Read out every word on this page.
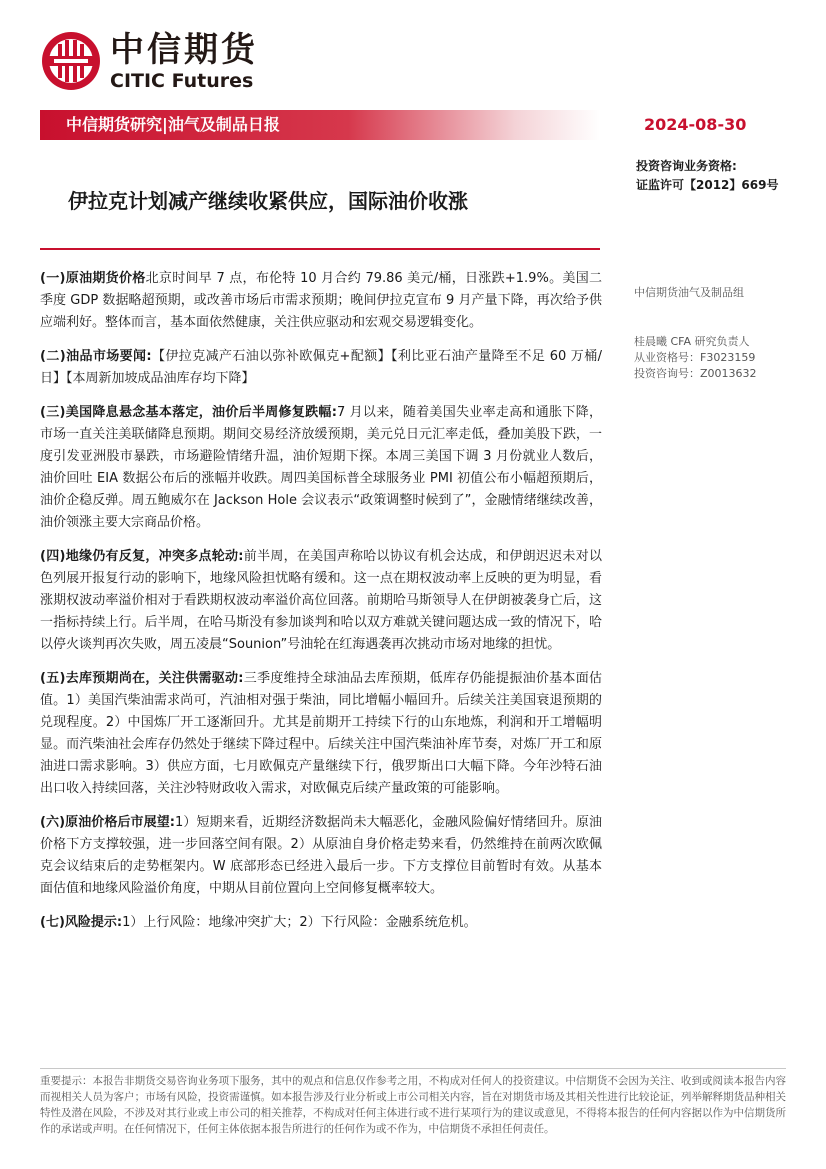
中信期货
CITIC Futures
中信期货研究|油气及制品日报	2024-08-30
投资咨询业务资格:
证监许可【2012】669号
伊拉克计划减产继续收紧供应，国际油价收涨
中信期货油气及制品组
桂晨曦 CFA 研究负责人
从业资格号：F3023159
投资咨询号：Z0013632

(一)原油期货价格北京时间早 7 点，布伦特 10 月合约 79.86 美元/桶，日涨跌+1.9%。美国二季度 GDP 数据略超预期，或改善市场后市需求预期；晚间伊拉克宣布 9 月产量下降，再次给予供应端利好。整体而言，基本面依然健康，关注供应驱动和宏观交易逻辑变化。

(二)油品市场要闻:【伊拉克减产石油以弥补欧佩克+配额】【利比亚石油产量降至不足 60 万桶/日】【本周新加坡成品油库存均下降】

(三)美国降息悬念基本落定，油价后半周修复跌幅:7 月以来，随着美国失业率走高和通胀下降，市场一直关注美联储降息预期。期间交易经济放缓预期，美元兑日元汇率走低，叠加美股下跌，一度引发亚洲股市暴跌，市场避险情绪升温，油价短期下探。本周三美国下调 3 月份就业人数后，油价回吐 EIA 数据公布后的涨幅并收跌。周四美国标普全球服务业 PMI 初值公布小幅超预期后，油价企稳反弹。周五鲍威尔在 Jackson Hole 会议表示“政策调整时候到了”，金融情绪继续改善，油价领涨主要大宗商品价格。

(四)地缘仍有反复，冲突多点轮动:前半周，在美国声称哈以协议有机会达成，和伊朗迟迟未对以色列展开报复行动的影响下，地缘风险担忧略有缓和。这一点在期权波动率上反映的更为明显，看涨期权波动率溢价相对于看跌期权波动率溢价高位回落。前期哈马斯领导人在伊朗被袭身亡后，这一指标持续上行。后半周，在哈马斯没有参加谈判和哈以双方难就关键问题达成一致的情况下，哈以停火谈判再次失败，周五凌晨“Sounion”号油轮在红海遇袭再次挑动市场对地缘的担忧。

(五)去库预期尚在，关注供需驱动:三季度维持全球油品去库预期，低库存仍能提振油价基本面估值。1）美国汽柴油需求尚可，汽油相对强于柴油，同比增幅小幅回升。后续关注美国衰退预期的兑现程度。2）中国炼厂开工逐渐回升。尤其是前期开工持续下行的山东地炼，利润和开工增幅明显。而汽柴油社会库存仍然处于继续下降过程中。后续关注中国汽柴油补库节奏，对炼厂开工和原油进口需求影响。3）供应方面，七月欧佩克产量继续下行，俄罗斯出口大幅下降。今年沙特石油出口收入持续回落，关注沙特财政收入需求，对欧佩克后续产量政策的可能影响。

(六)原油价格后市展望:1）短期来看，近期经济数据尚未大幅恶化，金融风险偏好情绪回升。原油价格下方支撑较强，进一步回落空间有限。2）从原油自身价格走势来看，仍然维持在前两次欧佩克会议结束后的走势框架内。W 底部形态已经进入最后一步。下方支撑位目前暂时有效。从基本面估值和地缘风险溢价角度，中期从目前位置向上空间修复概率较大。

(七)风险提示:1）上行风险：地缘冲突扩大；2）下行风险：金融系统危机。

重要提示：本报告非期货交易咨询业务项下服务，其中的观点和信息仅作参考之用，不构成对任何人的投资建议。中信期货不会因为关注、收到或阅读本报告内容而视相关人员为客户；市场有风险，投资需谨慎。如本报告涉及行业分析或上市公司相关内容，旨在对期货市场及其相关性进行比较论证，列举解释期货品种相关特性及潜在风险，不涉及对其行业或上市公司的相关推荐，不构成对任何主体进行或不进行某项行为的建议或意见，不得将本报告的任何内容据以作为中信期货所作的承诺或声明。在任何情况下，任何主体依据本报告所进行的任何作为或不作为，中信期货不承担任何责任。
